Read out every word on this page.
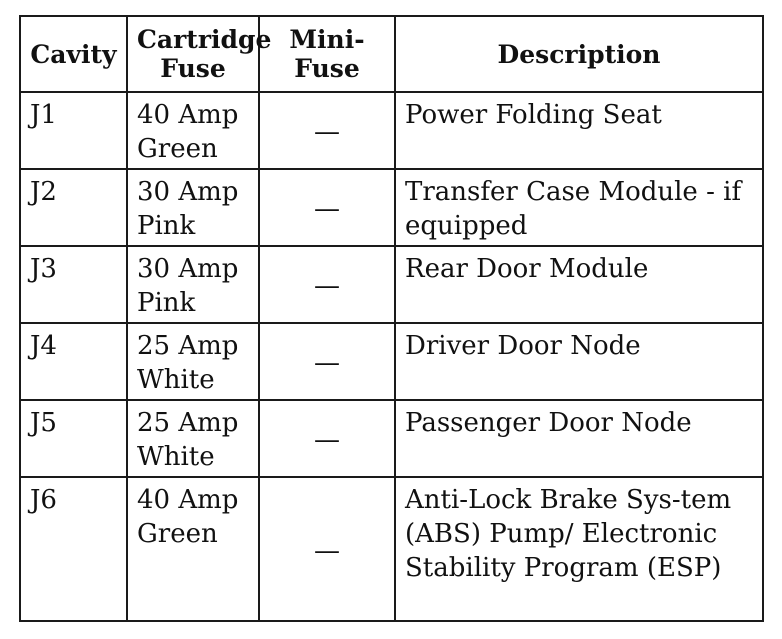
Cavity	Cartridge Fuse	Mini-Fuse	Description
J1	40 Amp Green	—	Power Folding Seat
J2	30 Amp Pink	—	Transfer Case Module - if equipped
J3	30 Amp Pink	—	Rear Door Module
J4	25 Amp White	—	Driver Door Node
J5	25 Amp White	—	Passenger Door Node
J6	40 Amp Green	—	Anti-Lock Brake Sys-tem (ABS) Pump/ Electronic Stability Program (ESP)
